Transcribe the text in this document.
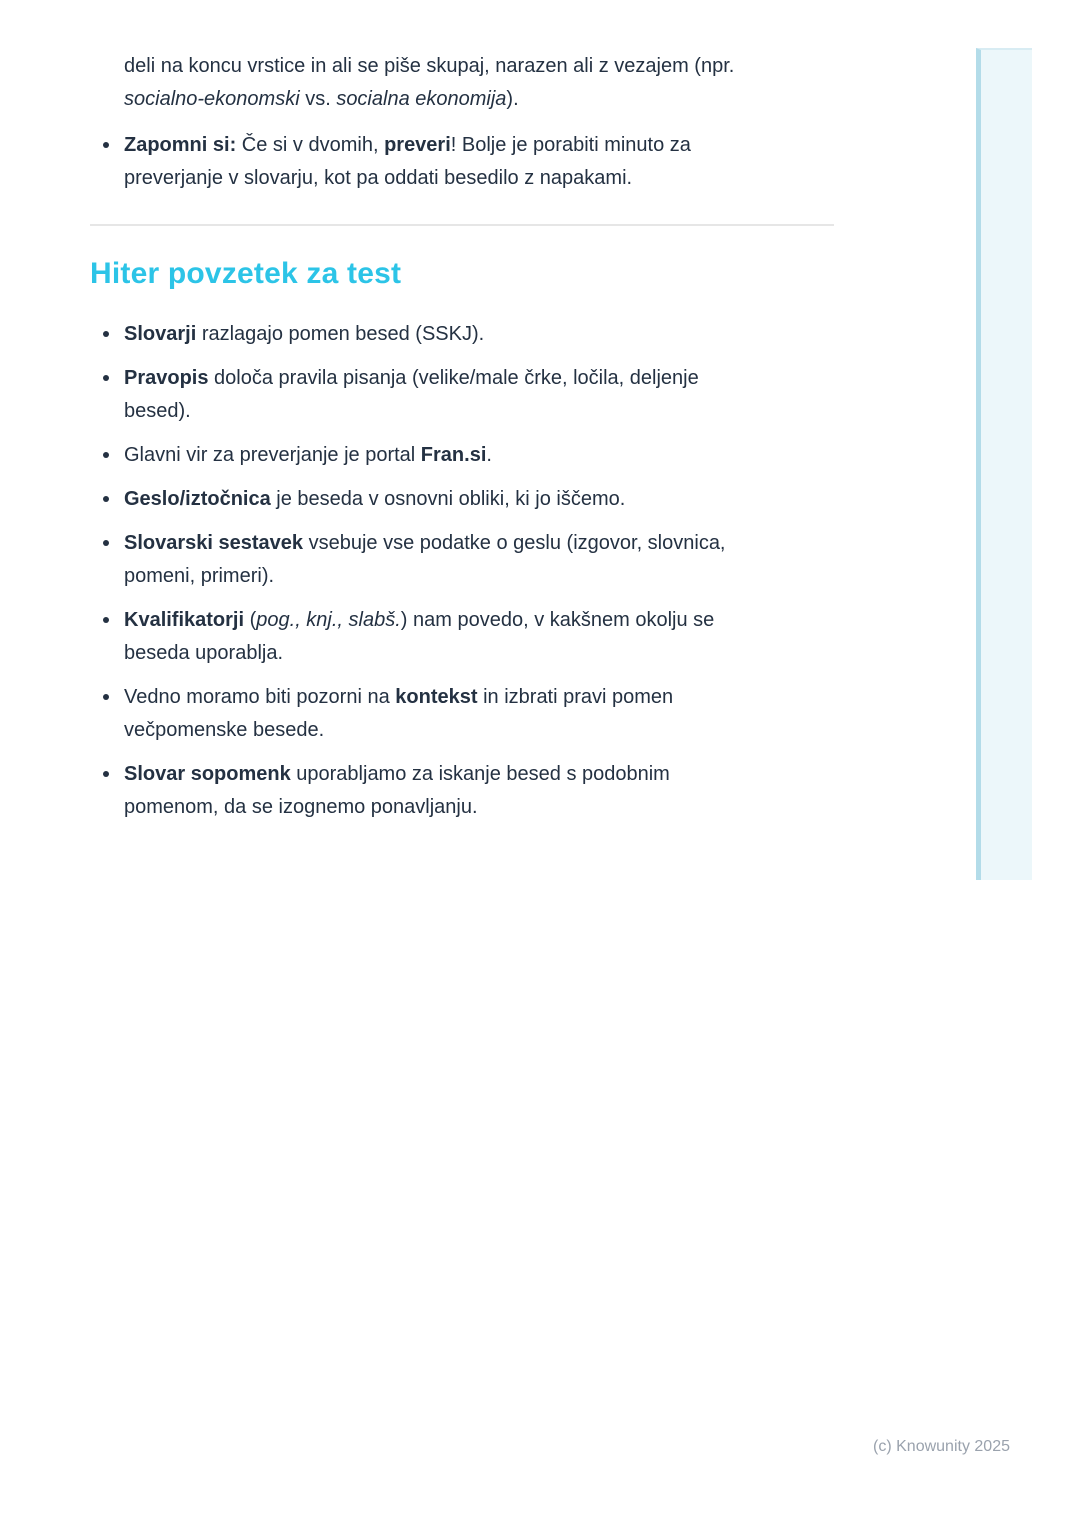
deli na koncu vrstice in ali se piše skupaj, narazen ali z vezajem (npr.
socialno-ekonomski vs. socialna ekonomija).

Zapomni si: Če si v dvomih, preveri! Bolje je porabiti minuto za
preverjanje v slovarju, kot pa oddati besedilo z napakami.
Hiter povzetek za test
Slovarji razlagajo pomen besed (SSKJ).
Pravopis določa pravila pisanja (velike/male črke, ločila, deljenje
besed).
Glavni vir za preverjanje je portal Fran.si.
Geslo/iztočnica je beseda v osnovni obliki, ki jo iščemo.
Slovarski sestavek vsebuje vse podatke o geslu (izgovor, slovnica,
pomeni, primeri).
Kvalifikatorji (pog., knj., slabš.) nam povedo, v kakšnem okolju se
beseda uporablja.
Vedno moramo biti pozorni na kontekst in izbrati pravi pomen
večpomenske besede.
Slovar sopomenk uporabljamo za iskanje besed s podobnim
pomenom, da se izognemo ponavljanju.
(c) Knowunity 2025
